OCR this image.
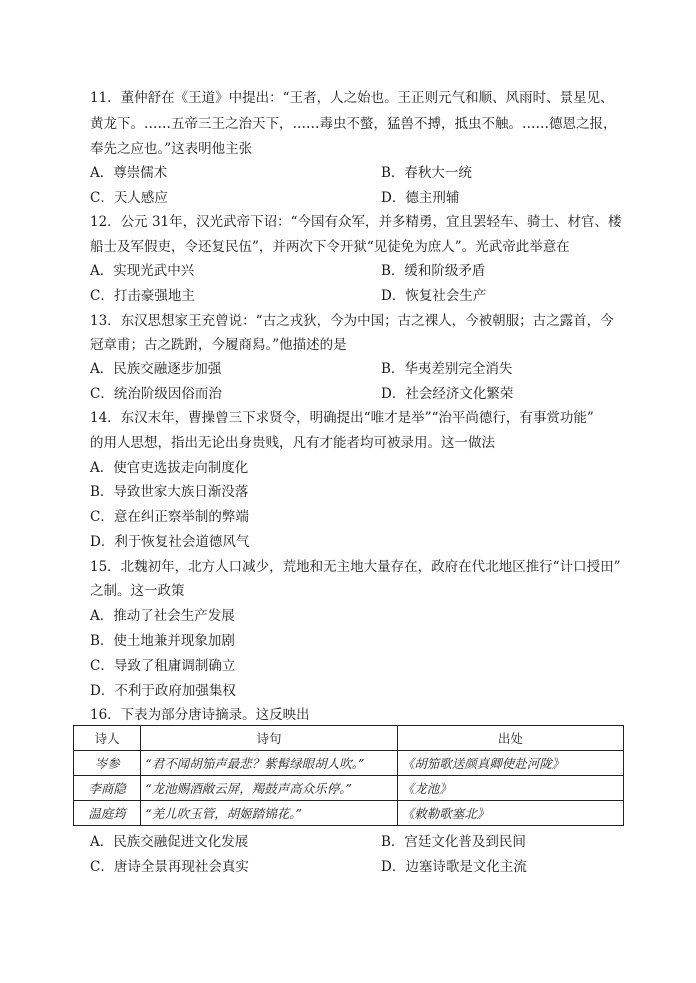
11．董仲舒在《王道》中提出：“王者，人之始也。王正则元气和顺、风雨时、景星见、
黄龙下。……五帝三王之治天下，……毒虫不螫，猛兽不搏，抵虫不触。……德恩之报，
奉先之应也。”这表明他主张
A．尊崇儒术	B．春秋大一统
C．天人感应	D．德主刑辅
12．公元 31年，汉光武帝下诏：“今国有众军，并多精勇，宜且罢轻车、骑士、材官、楼
船士及军假吏，令还复民伍”，并两次下令开狱“见徒免为庶人”。光武帝此举意在
A．实现光武中兴	B．缓和阶级矛盾
C．打击豪强地主	D．恢复社会生产
13．东汉思想家王充曾说：“古之戎狄，今为中国；古之裸人，今被朝服；古之露首，今
冠章甫；古之跣跗，今履商舄。”他描述的是
A．民族交融逐步加强	B．华夷差别完全消失
C．统治阶级因俗而治	D．社会经济文化繁荣
14．东汉末年，曹操曾三下求贤令，明确提出“唯才是举”“治平尚德行，有事赏功能”
的用人思想，指出无论出身贵贱，凡有才能者均可被录用。这一做法
A．使官吏选拔走向制度化
B．导致世家大族日渐没落
C．意在纠正察举制的弊端
D．利于恢复社会道德风气
15．北魏初年，北方人口减少，荒地和无主地大量存在，政府在代北地区推行“计口授田”
之制。这一政策
A．推动了社会生产发展
B．使土地兼并现象加剧
C．导致了租庸调制确立
D．不利于政府加强集权
16．下表为部分唐诗摘录。这反映出
诗人	诗句	出处
岑参	“君不闻胡笳声最悲？紫髯绿眼胡人吹。”	《胡笳歌送颜真卿使赴河陇》
李商隐	“龙池赐酒敞云屏，羯鼓声高众乐停。”	《龙池》
温庭筠	“羌儿吹玉管，胡姬踏锦花。”	《敕勒歌塞北》
A．民族交融促进文化发展	B．宫廷文化普及到民间
C．唐诗全景再现社会真实	D．边塞诗歌是文化主流
